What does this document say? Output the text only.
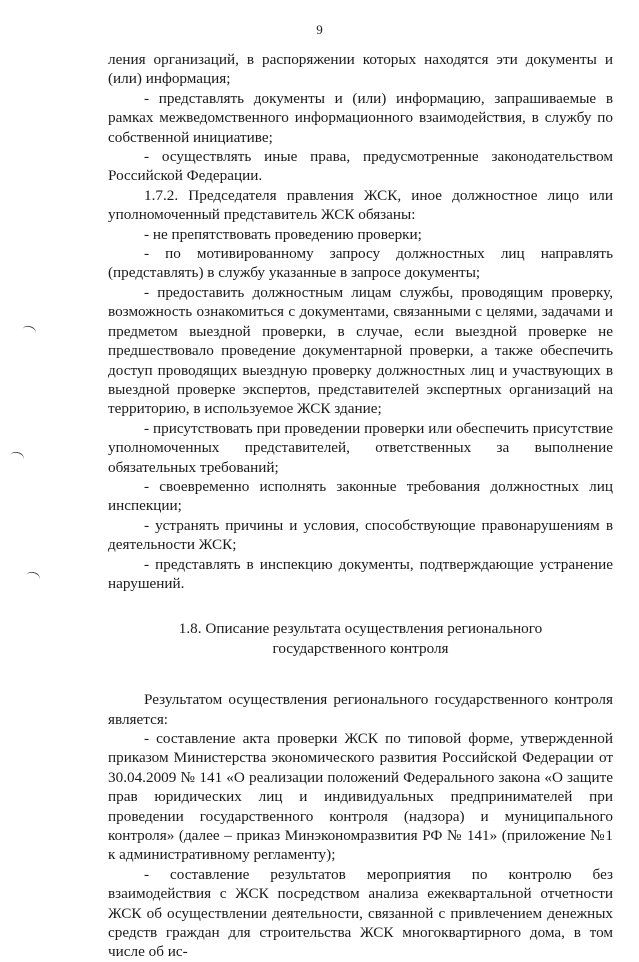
9

ления организаций, в распоряжении которых находятся эти документы и (или) информация;

- представлять документы и (или) информацию, запрашиваемые в рамках межведомственного информационного взаимодействия, в службу по собственной инициативе;

- осуществлять иные права, предусмотренные законодательством Российской Федерации.

1.7.2. Председателя правления ЖСК, иное должностное лицо или уполномоченный представитель ЖСК обязаны:

- не препятствовать проведению проверки;

- по мотивированному запросу должностных лиц направлять (представлять) в службу указанные в запросе документы;

- предоставить должностным лицам службы, проводящим проверку, возможность ознакомиться с документами, связанными с целями, задачами и предметом выездной проверки, в случае, если выездной проверке не предшествовало проведение документарной проверки, а также обеспечить доступ проводящих выездную проверку должностных лиц и участвующих в выездной проверке экспертов, представителей экспертных организаций на территорию, в используемое ЖСК здание;

- присутствовать при проведении проверки или обеспечить присутствие уполномоченных представителей, ответственных за выполнение обязательных требований;

- своевременно исполнять законные требования должностных лиц инспекции;

- устранять причины и условия, способствующие правонарушениям в деятельности ЖСК;

- представлять в инспекцию документы, подтверждающие устранение нарушений.

1.8. Описание результата осуществления регионального государственного контроля

Результатом осуществления регионального государственного контроля является:

- составление акта проверки ЖСК по типовой форме, утвержденной приказом Министерства экономического развития Российской Федерации от 30.04.2009 № 141 «О реализации положений Федерального закона «О защите прав юридических лиц и индивидуальных предпринимателей при проведении государственного контроля (надзора) и муниципального контроля» (далее – приказ Минэкономразвития РФ № 141» (приложение №1 к административному регламенту);

- составление результатов мероприятия по контролю без взаимодействия с ЖСК посредством анализа ежеквартальной отчетности ЖСК об осуществлении деятельности, связанной с привлечением денежных средств граждан для строительства ЖСК многоквартирного дома, в том числе об ис-
